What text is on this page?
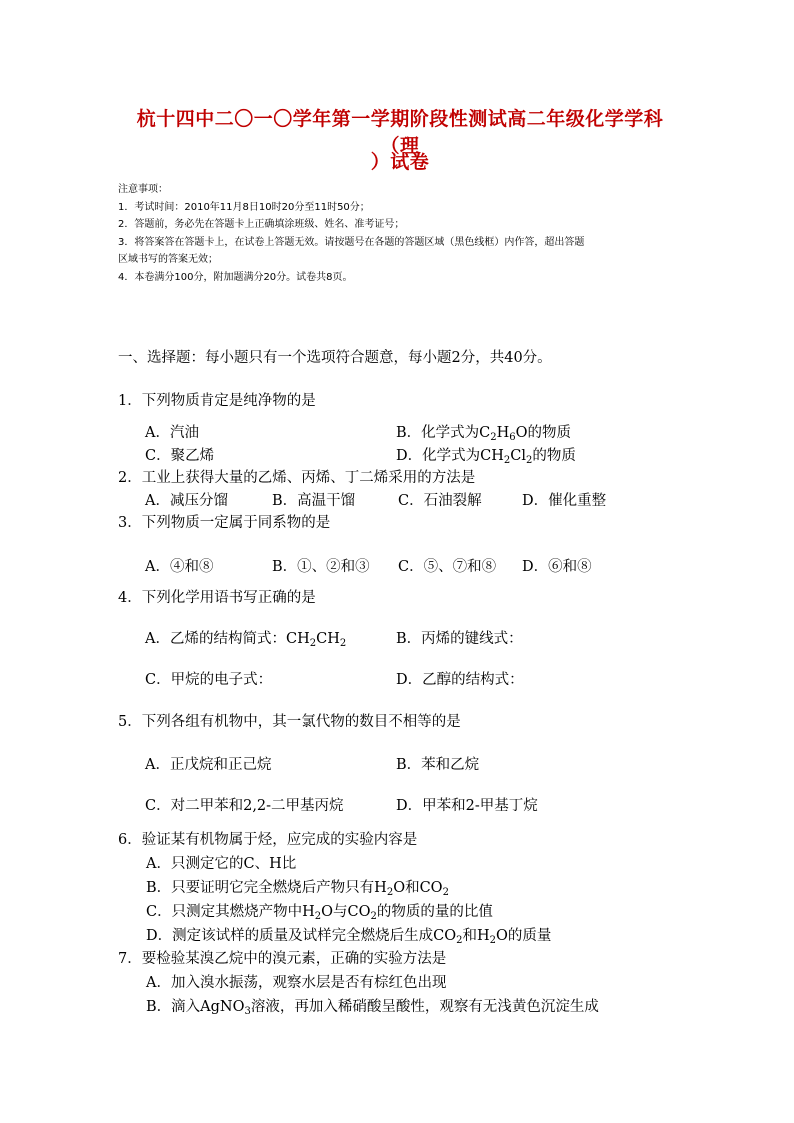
杭十四中二〇一〇学年第一学期阶段性测试高二年级化学学科（理
）试卷
注意事项：
1．考试时间：2010年11月8日10时20分至11时50分；
2．答题前，务必先在答题卡上正确填涂班级、姓名、准考证号；
3．将答案答在答题卡上，在试卷上答题无效。请按题号在各题的答题区域（黑色线框）内作答，超出答题
区域书写的答案无效；
4．本卷满分100分，附加题满分20分。试卷共8页。
一、选择题：每小题只有一个选项符合题意，每小题2分，共40分。
1．下列物质肯定是纯净物的是
A．汽油	B．化学式为$C_2H_6O$的物质
C．聚乙烯	D．化学式为$CH_2Cl_2$的物质
2．工业上获得大量的乙烯、丙烯、丁二烯采用的方法是
A．减压分馏	B．高温干馏	C．石油裂解	D．催化重整
3．下列物质一定属于同系物的是
A．④和⑧	B．①、②和③ C．⑤、⑦和⑧ D．⑥和⑧
4．下列化学用语书写正确的是
A．乙烯的结构简式：$CH_2CH_2$	B．丙烯的键线式：
C．甲烷的电子式：	D．乙醇的结构式：
5．下列各组有机物中，其一氯代物的数目不相等的是
A．正戊烷和正己烷	B．苯和乙烷
C．对二甲苯和2,2-二甲基丙烷	D．甲苯和2-甲基丁烷
6．验证某有机物属于烃，应完成的实验内容是
A．只测定它的C、H比
B．只要证明它完全燃烧后产物只有$H_2O$和$CO_2$
C．只测定其燃烧产物中$H_2O$与$CO_2$的物质的量的比值
D．测定该试样的质量及试样完全燃烧后生成$CO_2$和$H_2O$的质量
7．要检验某溴乙烷中的溴元素，正确的实验方法是
A．加入溴水振荡，观察水层是否有棕红色出现
B．滴入AgNO$_3$溶液，再加入稀硝酸呈酸性，观察有无浅黄色沉淀生成
